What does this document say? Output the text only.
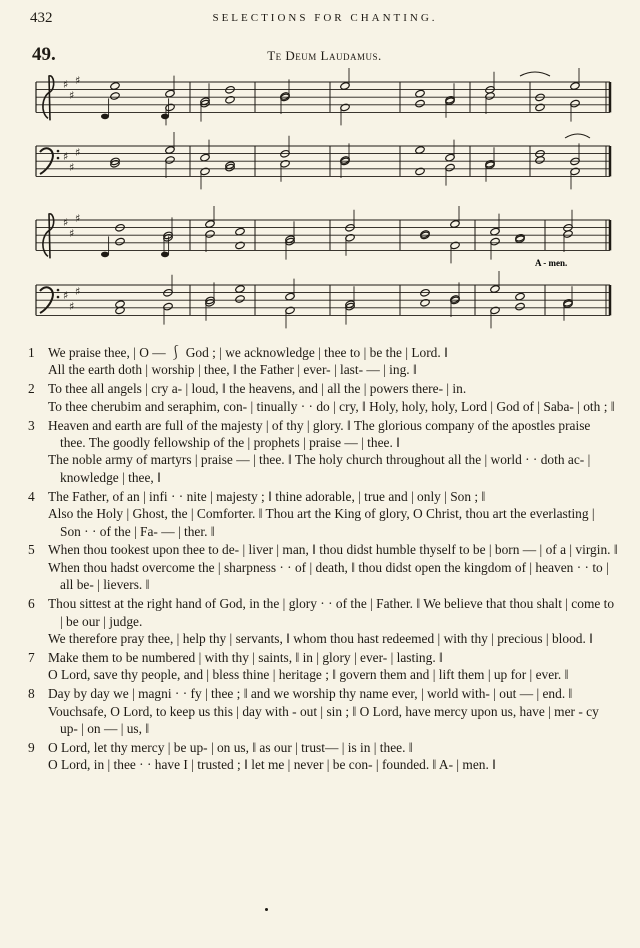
432	SELECTIONS FOR CHANTING.
49.	Te Deum Laudamus.
♯
♯
♯
♯
♯
♯
♯
♯
♯
♯
♯
♯
A - men.
1 We praise thee, | O — ⎰ God ; | we acknowledge | thee to | be the | Lord. ‖

All the earth doth | worship | thee, ‖ the Father | ever- | last- — | ing. ‖

2 To thee all angels | cry a- | loud, ‖ the heavens, and | all the | powers there- | in.

To thee cherubim and seraphim, con- | tinually · · do | cry, ‖ Holy, holy, holy, Lord | God of | Saba- | oth ; ‖

3 Heaven and earth are full of the majesty | of thy | glory. ‖ The glorious company of the apostles praise thee. The goodly fellowship of the | prophets | praise — | thee. ‖

The noble army of martyrs | praise — | thee. ‖ The holy church throughout all the | world · · doth ac- | knowledge | thee, ‖

4 The Father, of an | infi · · nite | majesty ; ‖ thine adorable, | true and | only | Son ; ‖

Also the Holy | Ghost, the | Comforter. ‖ Thou art the King of glory, O Christ, thou art the everlasting | Son · · of the | Fa- — | ther. ‖

5 When thou tookest upon thee to de- | liver | man, ‖ thou didst humble thyself to be | born — | of a | virgin. ‖

When thou hadst overcome the | sharpness · · of | death, ‖ thou didst open the kingdom of | heaven · · to | all be- | lievers. ‖

6 Thou sittest at the right hand of God, in the | glory · · of the | Father. ‖ We believe that thou shalt | come to | be our | judge.

We therefore pray thee, | help thy | servants, ‖ whom thou hast redeemed | with thy | precious | blood. ‖

7 Make them to be numbered | with thy | saints, ‖ in | glory | ever- | lasting. ‖

O Lord, save thy people, and | bless thine | heritage ; ‖ govern them and | lift them | up for | ever. ‖

8 Day by day we | magni · · fy | thee ; ‖ and we worship thy name ever, | world with- | out — | end. ‖

Vouchsafe, O Lord, to keep us this | day with - out | sin ; ‖ O Lord, have mercy upon us, have | mer - cy up- | on — | us, ‖

9 O Lord, let thy mercy | be up- | on us, ‖ as our | trust— | is in | thee. ‖

O Lord, in | thee · · have I | trusted ; ‖ let me | never | be con- | founded. ‖ A- | men. ‖
